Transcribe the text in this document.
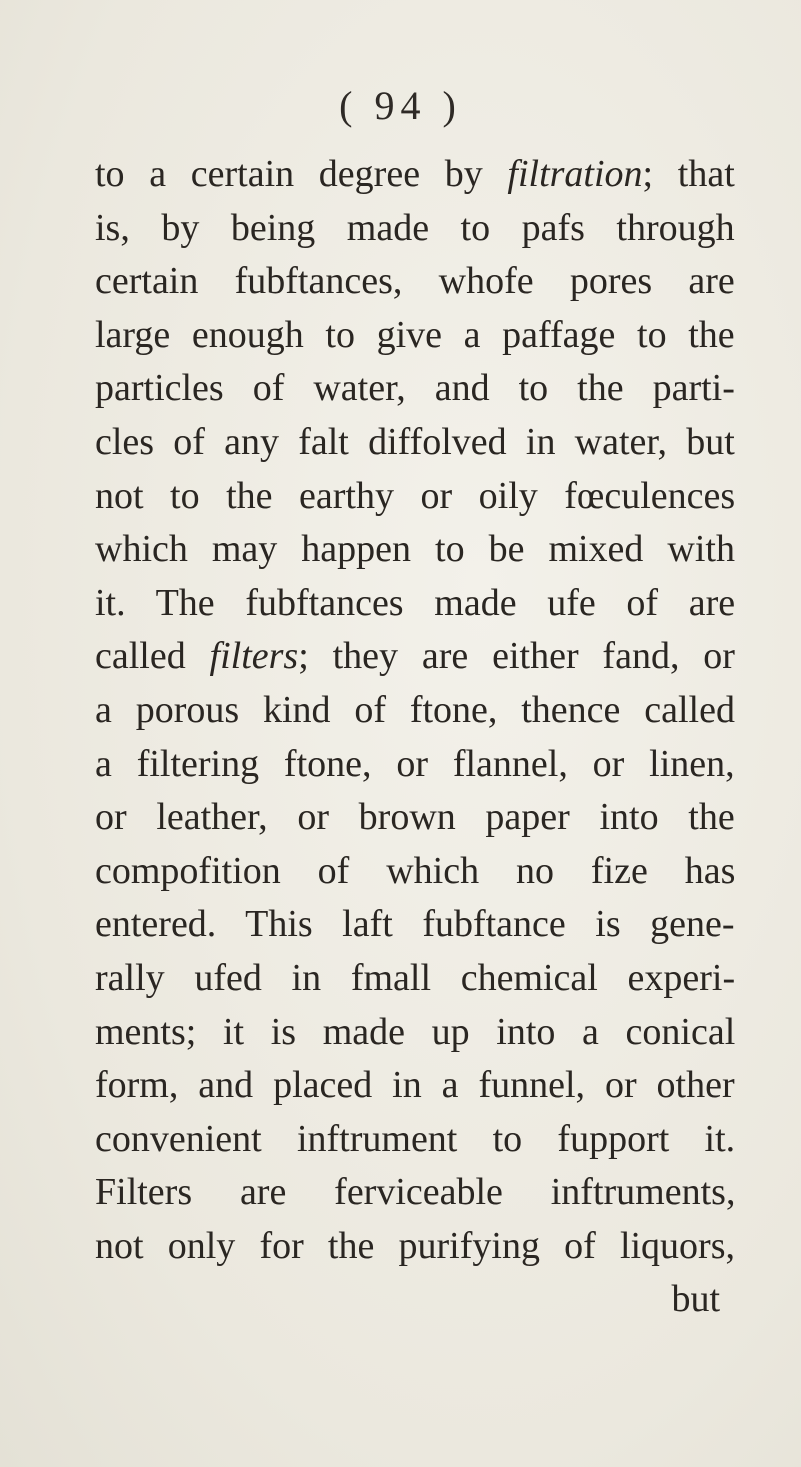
( 94 )
to a certain degree by filtration; that
is, by being made to pafs through
certain fubftances, whofe pores are
large enough to give a paffage to the
particles of water, and to the parti-
cles of any falt diffolved in water, but
not to the earthy or oily fœculences
which may happen to be mixed with
it. The fubftances made ufe of are
called filters; they are either fand, or
a porous kind of ftone, thence called
a filtering ftone, or flannel, or linen,
or leather, or brown paper into the
compofition of which no fize has
entered. This laft fubftance is gene-
rally ufed in fmall chemical experi-
ments; it is made up into a conical
form, and placed in a funnel, or other
convenient inftrument to fupport it.
Filters are ferviceable inftruments,
not only for the purifying of liquors,
but
